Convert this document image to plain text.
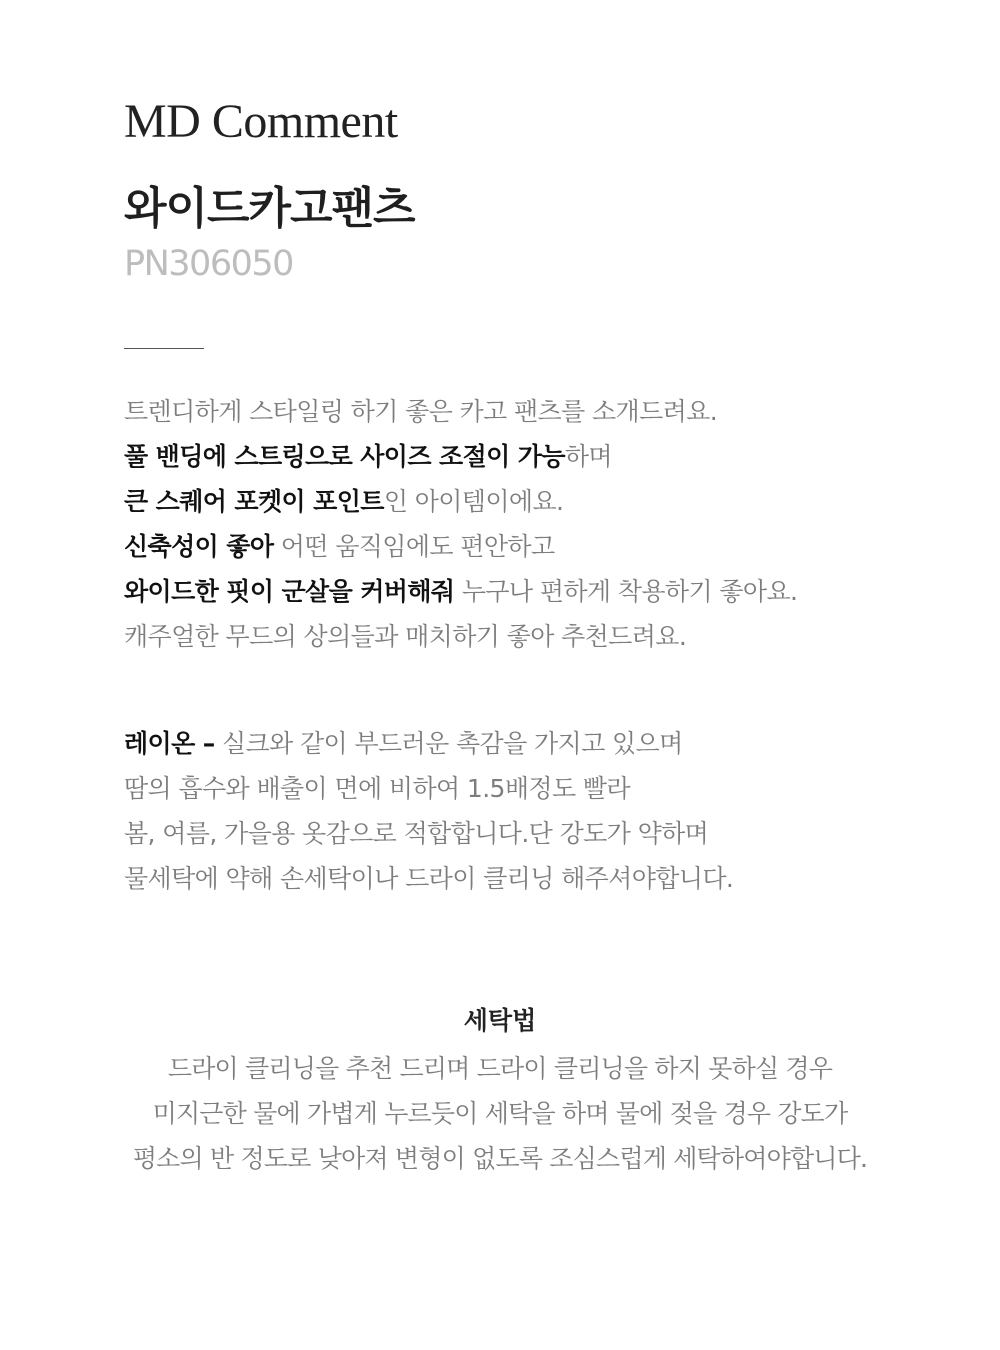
MD Comment
와이드카고팬츠
PN306050

트렌디하게 스타일링 하기 좋은 카고 팬츠를 소개드려요.

풀 밴딩에 스트링으로 사이즈 조절이 가능하며

큰 스퀘어 포켓이 포인트인 아이템이에요.

신축성이 좋아 어떤 움직임에도 편안하고

와이드한 핏이 군살을 커버해줘 누구나 편하게 착용하기 좋아요.

캐주얼한 무드의 상의들과 매치하기 좋아 추천드려요.

레이온 – 실크와 같이 부드러운 촉감을 가지고 있으며

땀의 흡수와 배출이 면에 비하여 1.5배정도 빨라

봄, 여름, 가을용 옷감으로 적합합니다.단 강도가 약하며

물세탁에 약해 손세탁이나 드라이 클리닝 해주셔야합니다.

세탁법

드라이 클리닝을 추천 드리며 드라이 클리닝을 하지 못하실 경우

미지근한 물에 가볍게 누르듯이 세탁을 하며 물에 젖을 경우 강도가

평소의 반 정도로 낮아져 변형이 없도록 조심스럽게 세탁하여야합니다.
